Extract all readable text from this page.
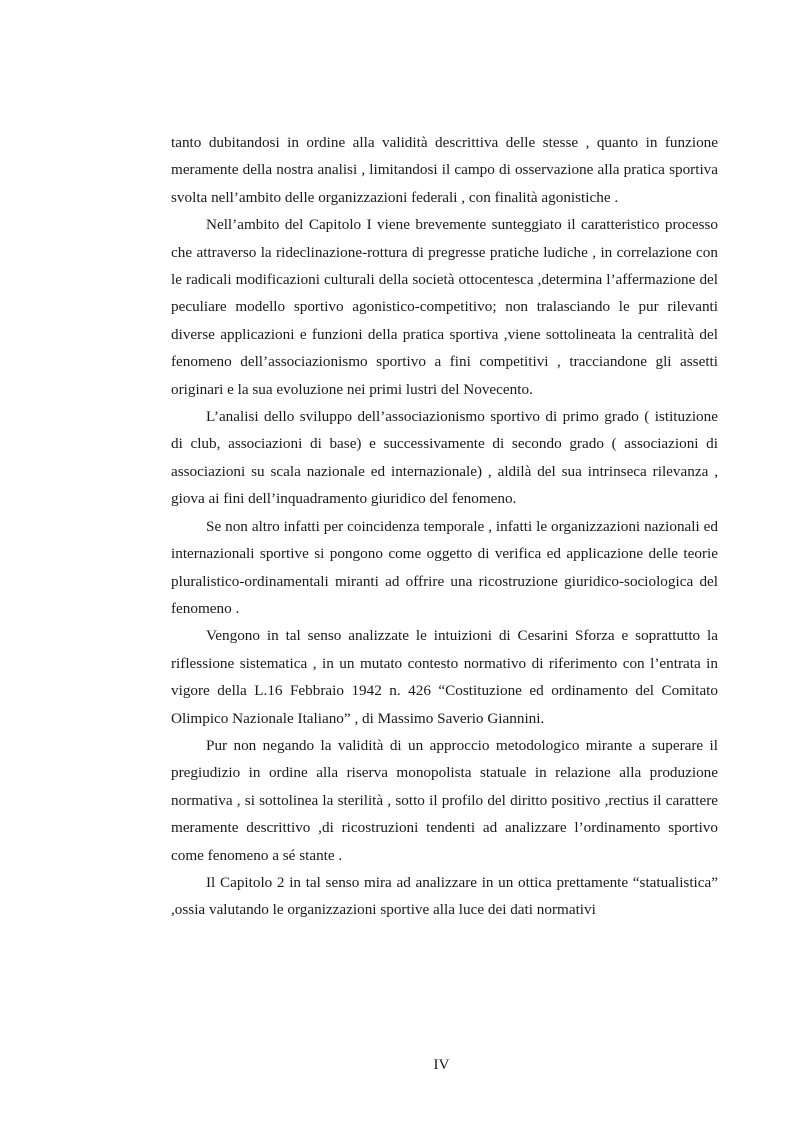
tanto dubitandosi in ordine alla validità descrittiva delle stesse , quanto in funzione meramente della nostra analisi , limitandosi il campo di osservazione alla pratica sportiva svolta nell’ambito delle organizzazioni federali , con finalità agonistiche .

Nell’ambito del Capitolo I viene brevemente sunteggiato il caratteristico processo che attraverso la rideclinazione-rottura di pregresse pratiche ludiche , in correlazione con le radicali modificazioni culturali della società ottocentesca ,determina l’affermazione del peculiare modello sportivo agonistico-competitivo; non tralasciando le pur rilevanti diverse applicazioni e funzioni della pratica sportiva ,viene sottolineata la centralità del fenomeno dell’associazionismo sportivo a fini competitivi , tracciandone gli assetti originari e la sua evoluzione nei primi lustri del Novecento.

L’analisi dello sviluppo dell’associazionismo sportivo di primo grado ( istituzione di club, associazioni di base) e successivamente di secondo grado ( associazioni di associazioni su scala nazionale ed internazionale) , aldilà del sua intrinseca rilevanza , giova ai fini dell’inquadramento giuridico del fenomeno.

Se non altro infatti per coincidenza temporale , infatti le organizzazioni nazionali ed internazionali sportive si pongono come oggetto di verifica ed applicazione delle teorie pluralistico-ordinamentali miranti ad offrire una ricostruzione giuridico-sociologica del fenomeno .

Vengono in tal senso analizzate le intuizioni di Cesarini Sforza e soprattutto la riflessione sistematica , in un mutato contesto normativo di riferimento con l’entrata in vigore della L.16 Febbraio 1942 n. 426 “Costituzione ed ordinamento del Comitato Olimpico Nazionale Italiano” , di Massimo Saverio Giannini.

Pur non negando la validità di un approccio metodologico mirante a superare il pregiudizio in ordine alla riserva monopolista statuale in relazione alla produzione normativa , si sottolinea la sterilità , sotto il profilo del diritto positivo ,rectius il carattere meramente descrittivo ,di ricostruzioni tendenti ad analizzare l’ordinamento sportivo come fenomeno a sé stante .

Il Capitolo 2 in tal senso mira ad analizzare in un ottica prettamente “statualistica” ,ossia valutando le organizzazioni sportive alla luce dei dati normativi

IV
